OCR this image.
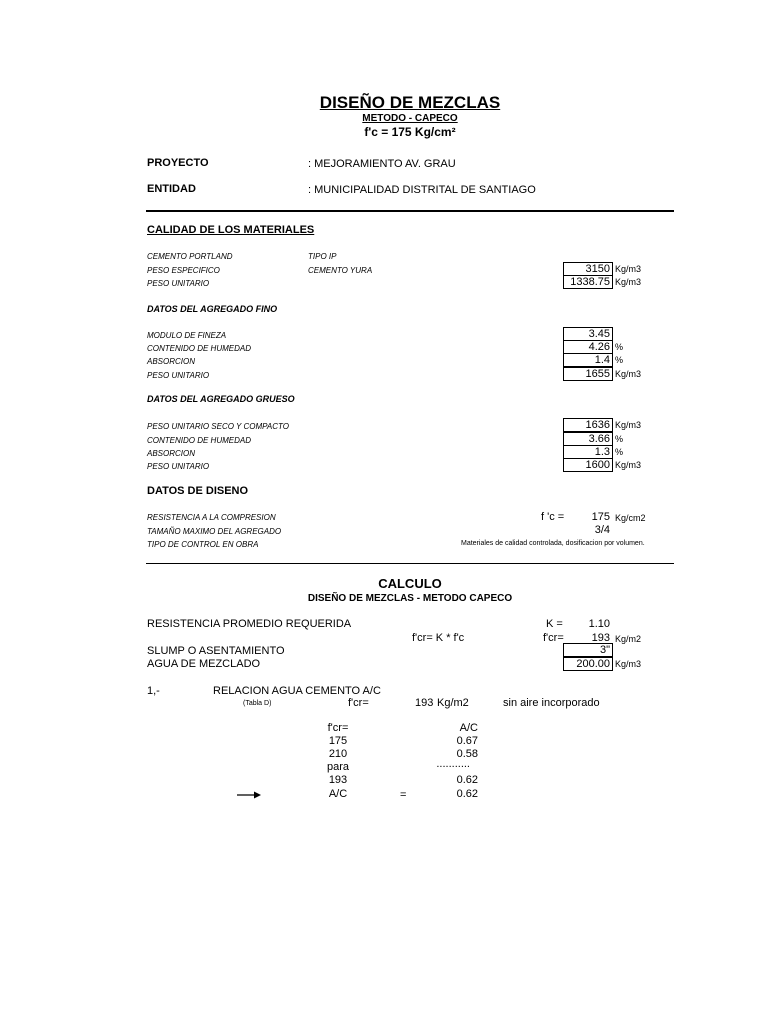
DISEÑO DE MEZCLAS
METODO - CAPECO
f'c = 175 Kg/cm²
PROYECTO	: MEJORAMIENTO AV. GRAU
ENTIDAD	: MUNICIPALIDAD DISTRITAL DE SANTIAGO
CALIDAD DE LOS MATERIALES
CEMENTO PORTLAND	TIPO IP
PESO ESPECIFICO	CEMENTO YURA	3150 Kg/m3
PESO UNITARIO	1338.75 Kg/m3
DATOS DEL AGREGADO FINO
MODULO DE FINEZA	3.45
CONTENIDO DE HUMEDAD	4.26 %
ABSORCION	1.4 %
PESO UNITARIO	1655 Kg/m3
DATOS DEL AGREGADO GRUESO
PESO UNITARIO SECO Y COMPACTO	1636 Kg/m3
CONTENIDO DE HUMEDAD	3.66 %
ABSORCION	1.3 %
PESO UNITARIO	1600 Kg/m3
DATOS DE DISENO
RESISTENCIA A LA COMPRESION	f 'c =	175 Kg/cm2
TAMAÑO MAXIMO DEL AGREGADO	3/4
TIPO DE CONTROL EN OBRA	Materiales de calidad controlada, dosificacion por volumen.
CALCULO
DISEÑO DE MEZCLAS - METODO CAPECO
RESISTENCIA PROMEDIO REQUERIDA	K =	1.10
f'cr= K * f'c	f'cr=	193 Kg/m2
SLUMP O ASENTAMIENTO	3"
AGUA DE MEZCLADO	200.00 Kg/m3
1,-	RELACION AGUA CEMENTO A/C
(Tabla D)	f'cr=	193 Kg/m2	sin aire incorporado
f'cr=	A/C
175	0.67
210	0.58
para	...........
193	0.62
A/C	=	0.62
